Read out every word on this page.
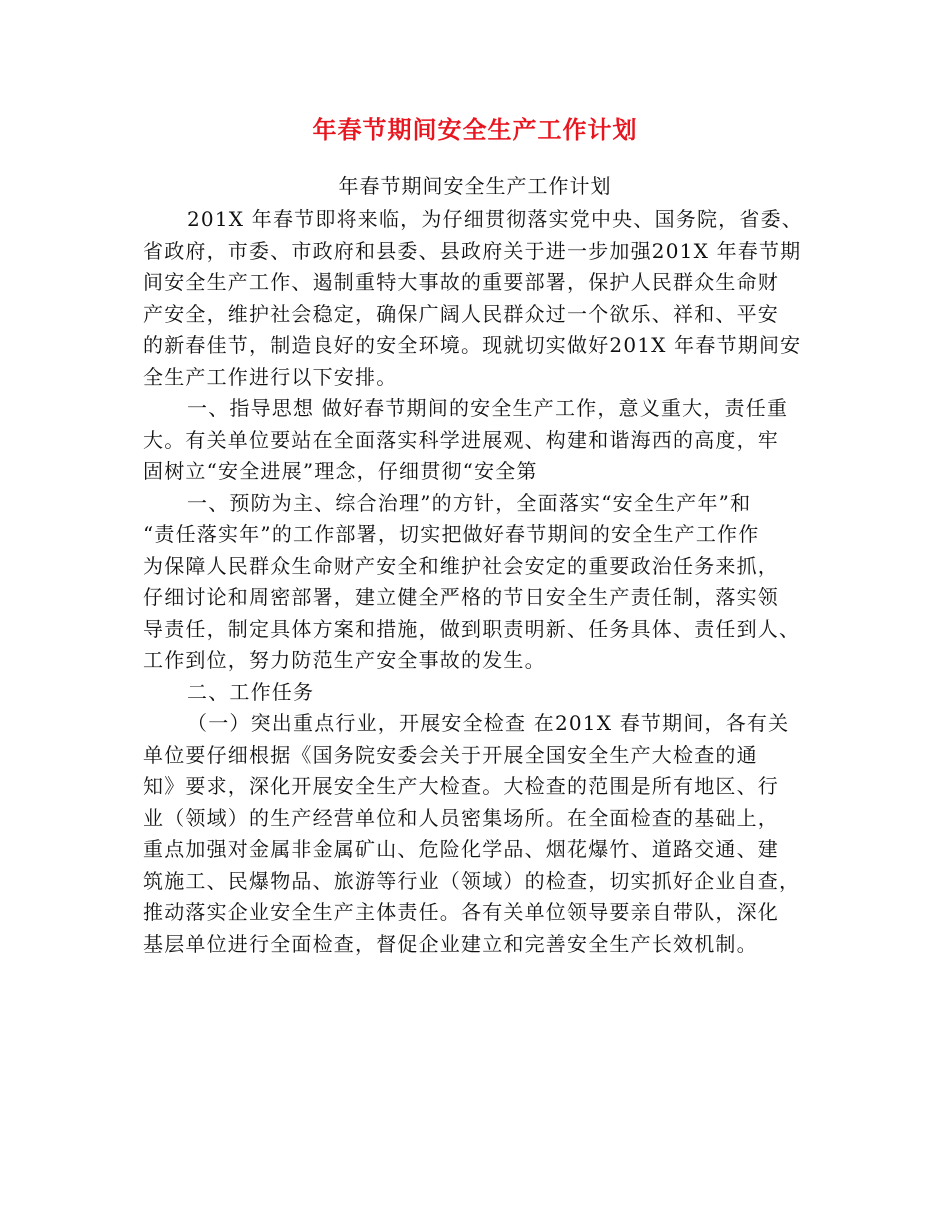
年春节期间安全生产工作计划
年春节期间安全生产工作计划
201X 年春节即将来临，为仔细贯彻落实党中央、国务院，省委、
省政府，市委、市政府和县委、县政府关于进一步加强201X 年春节期
间安全生产工作、遏制重特大事故的重要部署，保护人民群众生命财
产安全，维护社会稳定，确保广阔人民群众过一个欲乐、祥和、平安
的新春佳节，制造良好的安全环境。现就切实做好201X 年春节期间安
全生产工作进行以下安排。
一、指导思想 做好春节期间的安全生产工作，意义重大，责任重
大。有关单位要站在全面落实科学进展观、构建和谐海西的高度，牢
固树立“安全进展”理念，仔细贯彻“安全第
一、预防为主、综合治理”的方针，全面落实“安全生产年”和
“责任落实年”的工作部署，切实把做好春节期间的安全生产工作作
为保障人民群众生命财产安全和维护社会安定的重要政治任务来抓，
仔细讨论和周密部署，建立健全严格的节日安全生产责任制，落实领
导责任，制定具体方案和措施，做到职责明新、任务具体、责任到人、
工作到位，努力防范生产安全事故的发生。
二、工作任务
（一）突出重点行业，开展安全检查 在201X 春节期间，各有关
单位要仔细根据《国务院安委会关于开展全国安全生产大检查的通
知》要求，深化开展安全生产大检查。大检查的范围是所有地区、行
业（领域）的生产经营单位和人员密集场所。在全面检查的基础上，
重点加强对金属非金属矿山、危险化学品、烟花爆竹、道路交通、建
筑施工、民爆物品、旅游等行业（领域）的检查，切实抓好企业自查，
推动落实企业安全生产主体责任。各有关单位领导要亲自带队，深化
基层单位进行全面检查，督促企业建立和完善安全生产长效机制。
